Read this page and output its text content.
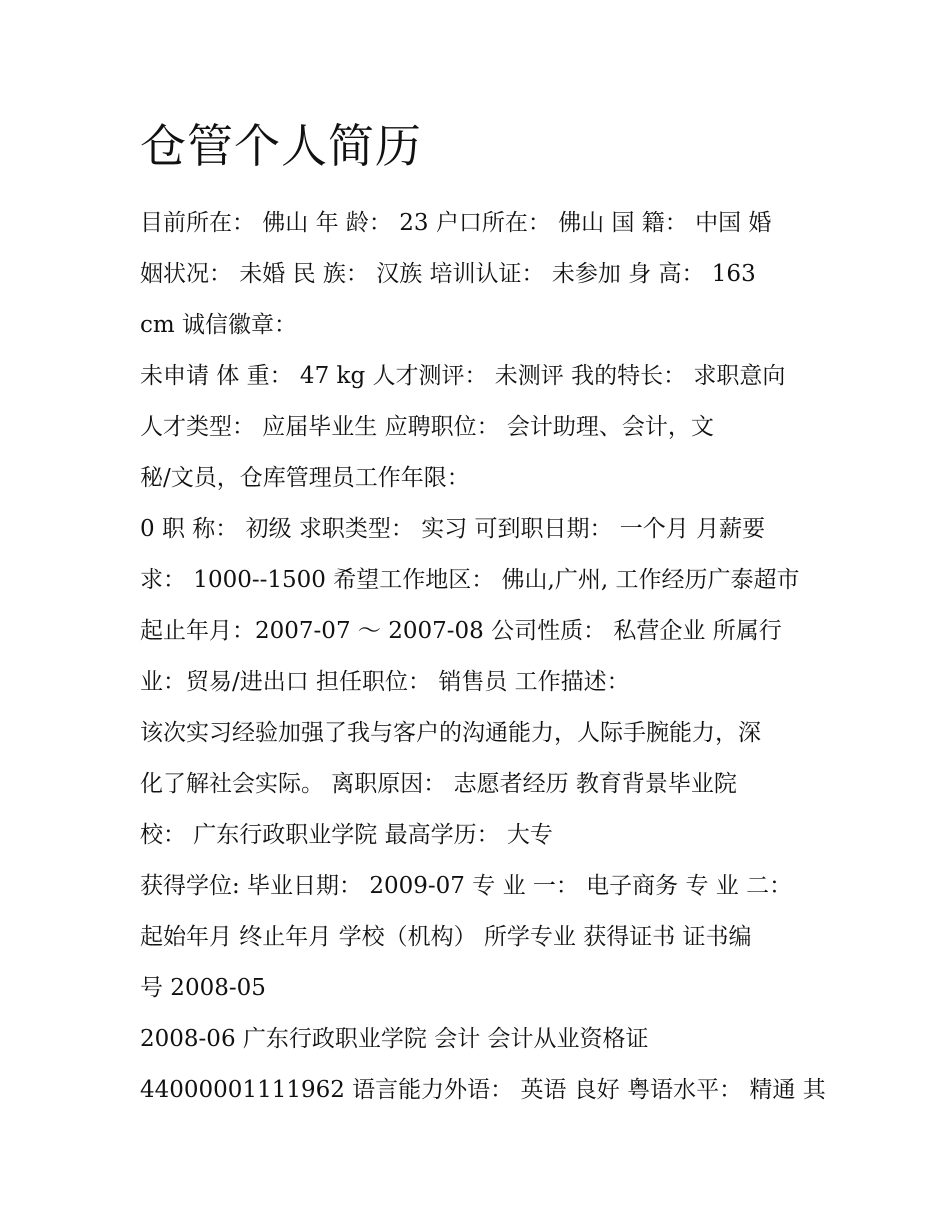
仓管个人简历
目前所在： 佛山 年 龄： 23 户口所在： 佛山 国 籍： 中国 婚
姻状况： 未婚 民 族： 汉族 培训认证： 未参加 身 高： 163
cm 诚信徽章：
未申请 体 重： 47 kg 人才测评： 未测评 我的特长： 求职意向
人才类型： 应届毕业生 应聘职位： 会计助理、会计，文
秘/文员，仓库管理员工作年限：
0 职 称： 初级 求职类型： 实习 可到职日期： 一个月 月薪要
求： 1000--1500 希望工作地区： 佛山,广州, 工作经历广泰超市
起止年月：2007-07 ～ 2007-08 公司性质： 私营企业 所属行
业：贸易/进出口 担任职位： 销售员 工作描述：
该次实习经验加强了我与客户的沟通能力，人际手腕能力，深
化了解社会实际。 离职原因： 志愿者经历 教育背景毕业院
校： 广东行政职业学院 最高学历： 大专
获得学位: 毕业日期： 2009-07 专 业 一： 电子商务 专 业 二：
起始年月 终止年月 学校（机构） 所学专业 获得证书 证书编
号 2008-05
2008-06 广东行政职业学院 会计 会计从业资格证
44000001111962 语言能力外语： 英语 良好 粤语水平： 精通 其
